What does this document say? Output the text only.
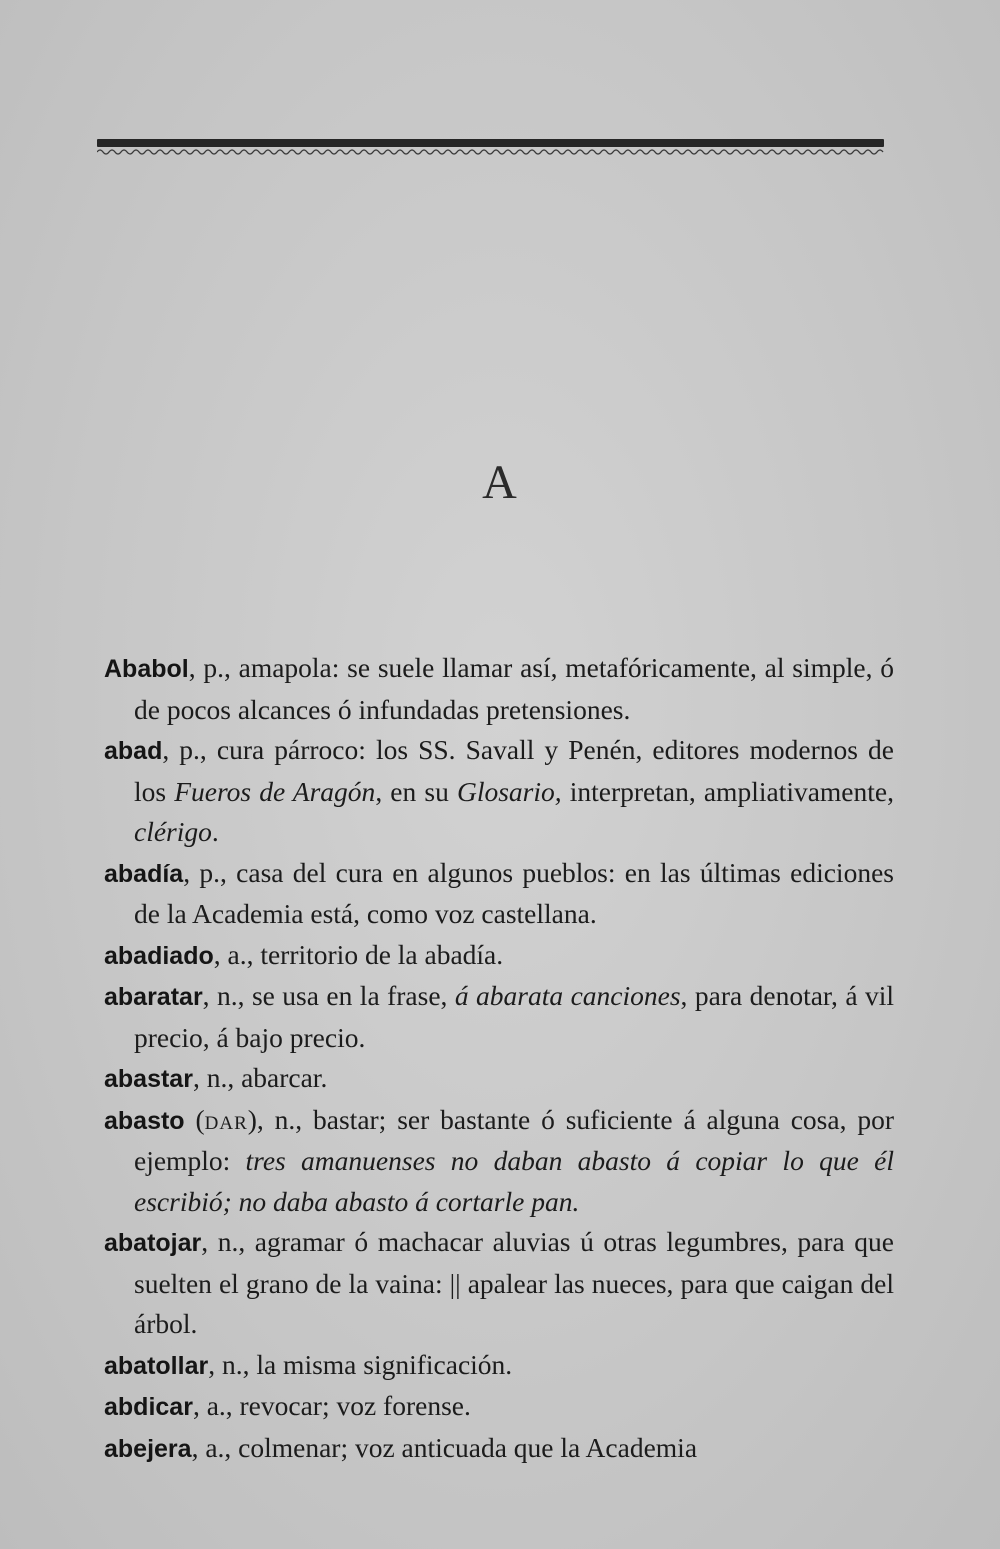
A
Ababol, p., amapola: se suele llamar así, metafóricamente, al simple, ó de pocos alcances ó infundadas pretensiones.
abad, p., cura párroco: los SS. Savall y Penén, editores modernos de los Fueros de Aragón, en su Glosario, interpretan, ampliativamente, clérigo.
abadía, p., casa del cura en algunos pueblos: en las últimas ediciones de la Academia está, como voz castellana.
abadiado, a., territorio de la abadía.
abaratar, n., se usa en la frase, á abarata canciones, para denotar, á vil precio, á bajo precio.
abastar, n., abarcar.
abasto (dar), n., bastar; ser bastante ó suficiente á alguna cosa, por ejemplo: tres amanuenses no daban abasto á copiar lo que él escribió; no daba abasto á cortarle pan.
abatojar, n., agramar ó machacar aluvias ú otras legumbres, para que suelten el grano de la vaina: || apalear las nueces, para que caigan del árbol.
abatollar, n., la misma significación.
abdicar, a., revocar; voz forense.
abejera, a., colmenar; voz anticuada que la Academia
